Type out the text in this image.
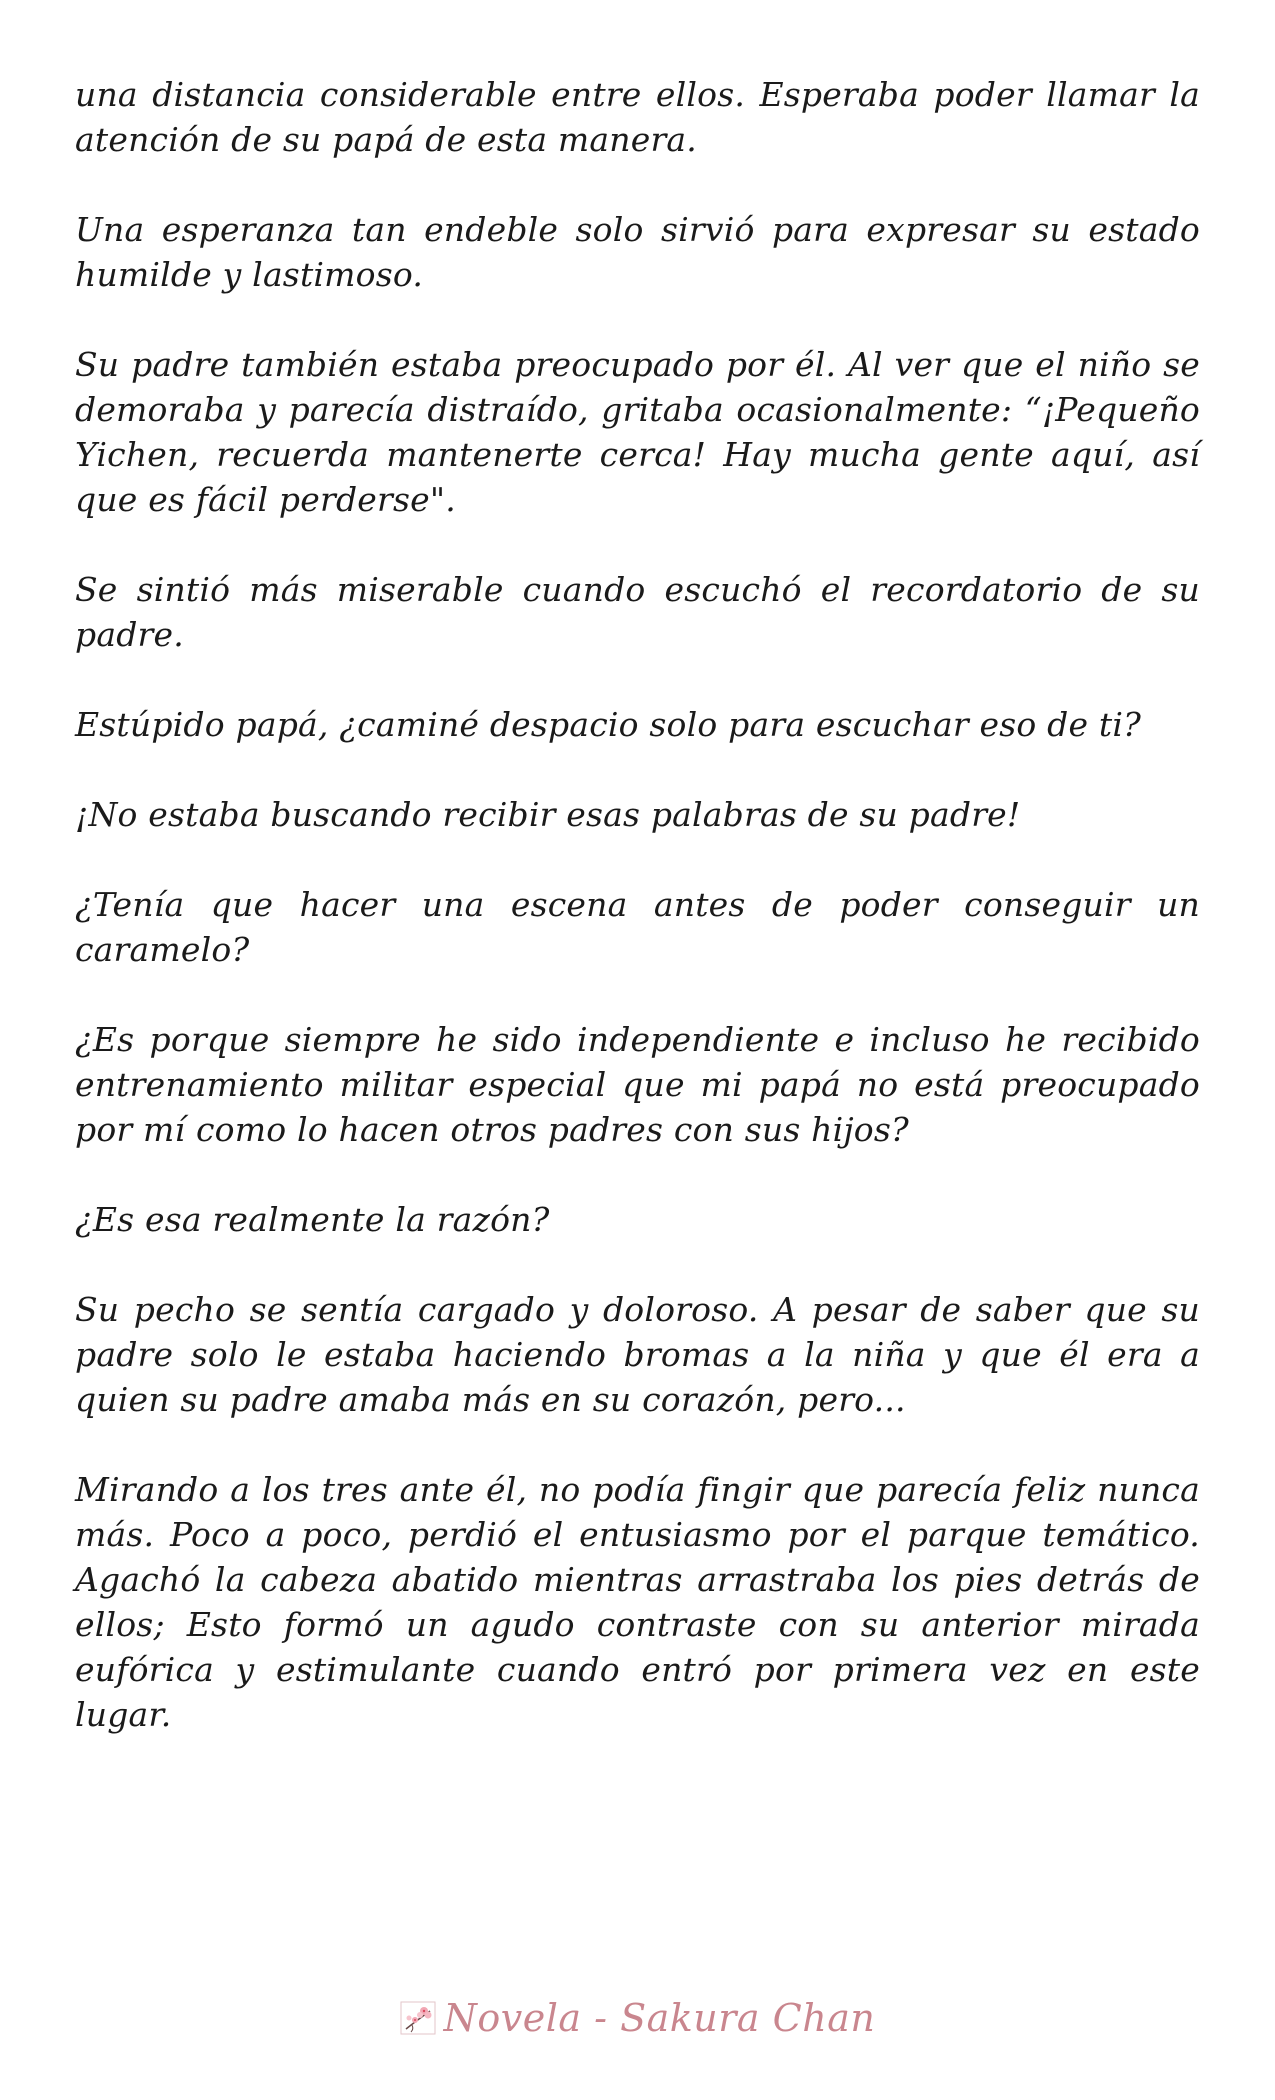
una distancia considerable entre ellos. Esperaba poder llamar la atención de su papá de esta manera.

Una esperanza tan endeble solo sirvió para expresar su estado humilde y lastimoso.

Su padre también estaba preocupado por él. Al ver que el niño se demoraba y parecía distraído, gritaba ocasionalmente: “¡Pequeño Yichen, recuerda mantenerte cerca! Hay mucha gente aquí, así que es fácil perderse".

Se sintió más miserable cuando escuchó el recordatorio de su padre.

Estúpido papá, ¿caminé despacio solo para escuchar eso de ti?

¡No estaba buscando recibir esas palabras de su padre!

¿Tenía que hacer una escena antes de poder conseguir un caramelo?

¿Es porque siempre he sido independiente e incluso he recibido entrenamiento militar especial que mi papá no está preocupado por mí como lo hacen otros padres con sus hijos?

¿Es esa realmente la razón?

Su pecho se sentía cargado y doloroso. A pesar de saber que su padre solo le estaba haciendo bromas a la niña y que él era a quien su padre amaba más en su corazón, pero...

Mirando a los tres ante él, no podía fingir que parecía feliz nunca más. Poco a poco, perdió el entusiasmo por el parque temático. Agachó la cabeza abatido mientras arrastraba los pies detrás de ellos; Esto formó un agudo contraste con su anterior mirada eufórica y estimulante cuando entró por primera vez en este lugar.

Novela - Sakura Chan
